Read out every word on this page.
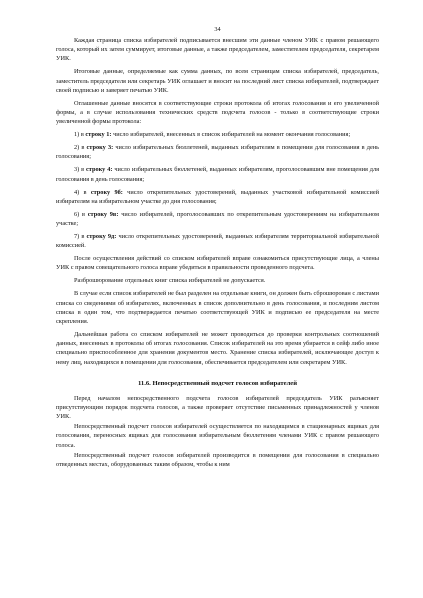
34

Каждая страница списка избирателей подписывается внесшим эти данные членом УИК с правом решающего голоса, который их затем суммирует, итоговые данные, а также председателем, заместителем председателя, секретарем УИК.

Итоговые данные, определяемые как сумма данных, по всем страницам списка избирателей, председатель, заместитель председателя или секретарь УИК оглашает и вносит на последний лист списка избирателей, подтверждает своей подписью и заверяет печатью УИК.

Оглашенные данные вносятся в соответствующие строки протокола об итогах голосования и его увеличенной формы, а в случае использования технических средств подсчета голосов - только в соответствующие строки увеличенной формы протокола:

1) в строку 1: число избирателей, внесенных в список избирателей на момент окончания голосования;

2) в строку 3: число избирательных бюллетеней, выданных избирателям в помещении для голосования в день голосования;

3) в строку 4: число избирательных бюллетеней, выданных избирателям, проголосовавшим вне помещения для голосования в день голосования;

4) в строку 9б: число открепительных удостоверений, выданных участковой избирательной комиссией избирателям на избирательном участке до дня голосования;

6) в строку 9в: число избирателей, проголосовавших по открепительным удостоверениям на избирательном участке;

7) в строку 9д: число открепительных удостоверений, выданных избирателям территориальной избирательной комиссией.

После осуществления действий со списком избирателей вправе ознакомиться присутствующие лица, а члены УИК с правом совещательного голоса вправе убедиться в правильности проведенного подсчета.

Разброшюрование отдельных книг списка избирателей не допускается.

В случае если список избирателей не был разделен на отдельные книги, он должен быть сброшюрован с листами списка со сведениями об избирателях, включенных в список дополнительно в день голосования, и последним листом списка в один том, что подтверждается печатью соответствующей УИК и подписью ее председателя на месте скрепления.

Дальнейшая работа со списком избирателей не может проводиться до проверки контрольных соотношений данных, внесенных в протоколы об итогах голосования. Список избирателей на это время убирается в сейф либо иное специально приспособленное для хранения документов место. Хранение списка избирателей, исключающее доступ к нему лиц, находящихся в помещении для голосования, обеспечивается председателем или секретарем УИК.

11.6. Непосредственный подсчет голосов избирателей

Перед началом непосредственного подсчета голосов избирателей председатель УИК разъясняет присутствующим порядок подсчета голосов, а также проверяет отсутствие письменных принадлежностей у членов УИК.

Непосредственный подсчет голосов избирателей осуществляется по находящимся в стационарных ящиках для голосования, переносных ящиках для голосования избирательным бюллетеням членами УИК с правом решающего голоса.

Непосредственный подсчет голосов избирателей производится в помещении для голосования в специально отведенных местах, оборудованных таким образом, чтобы к ним
